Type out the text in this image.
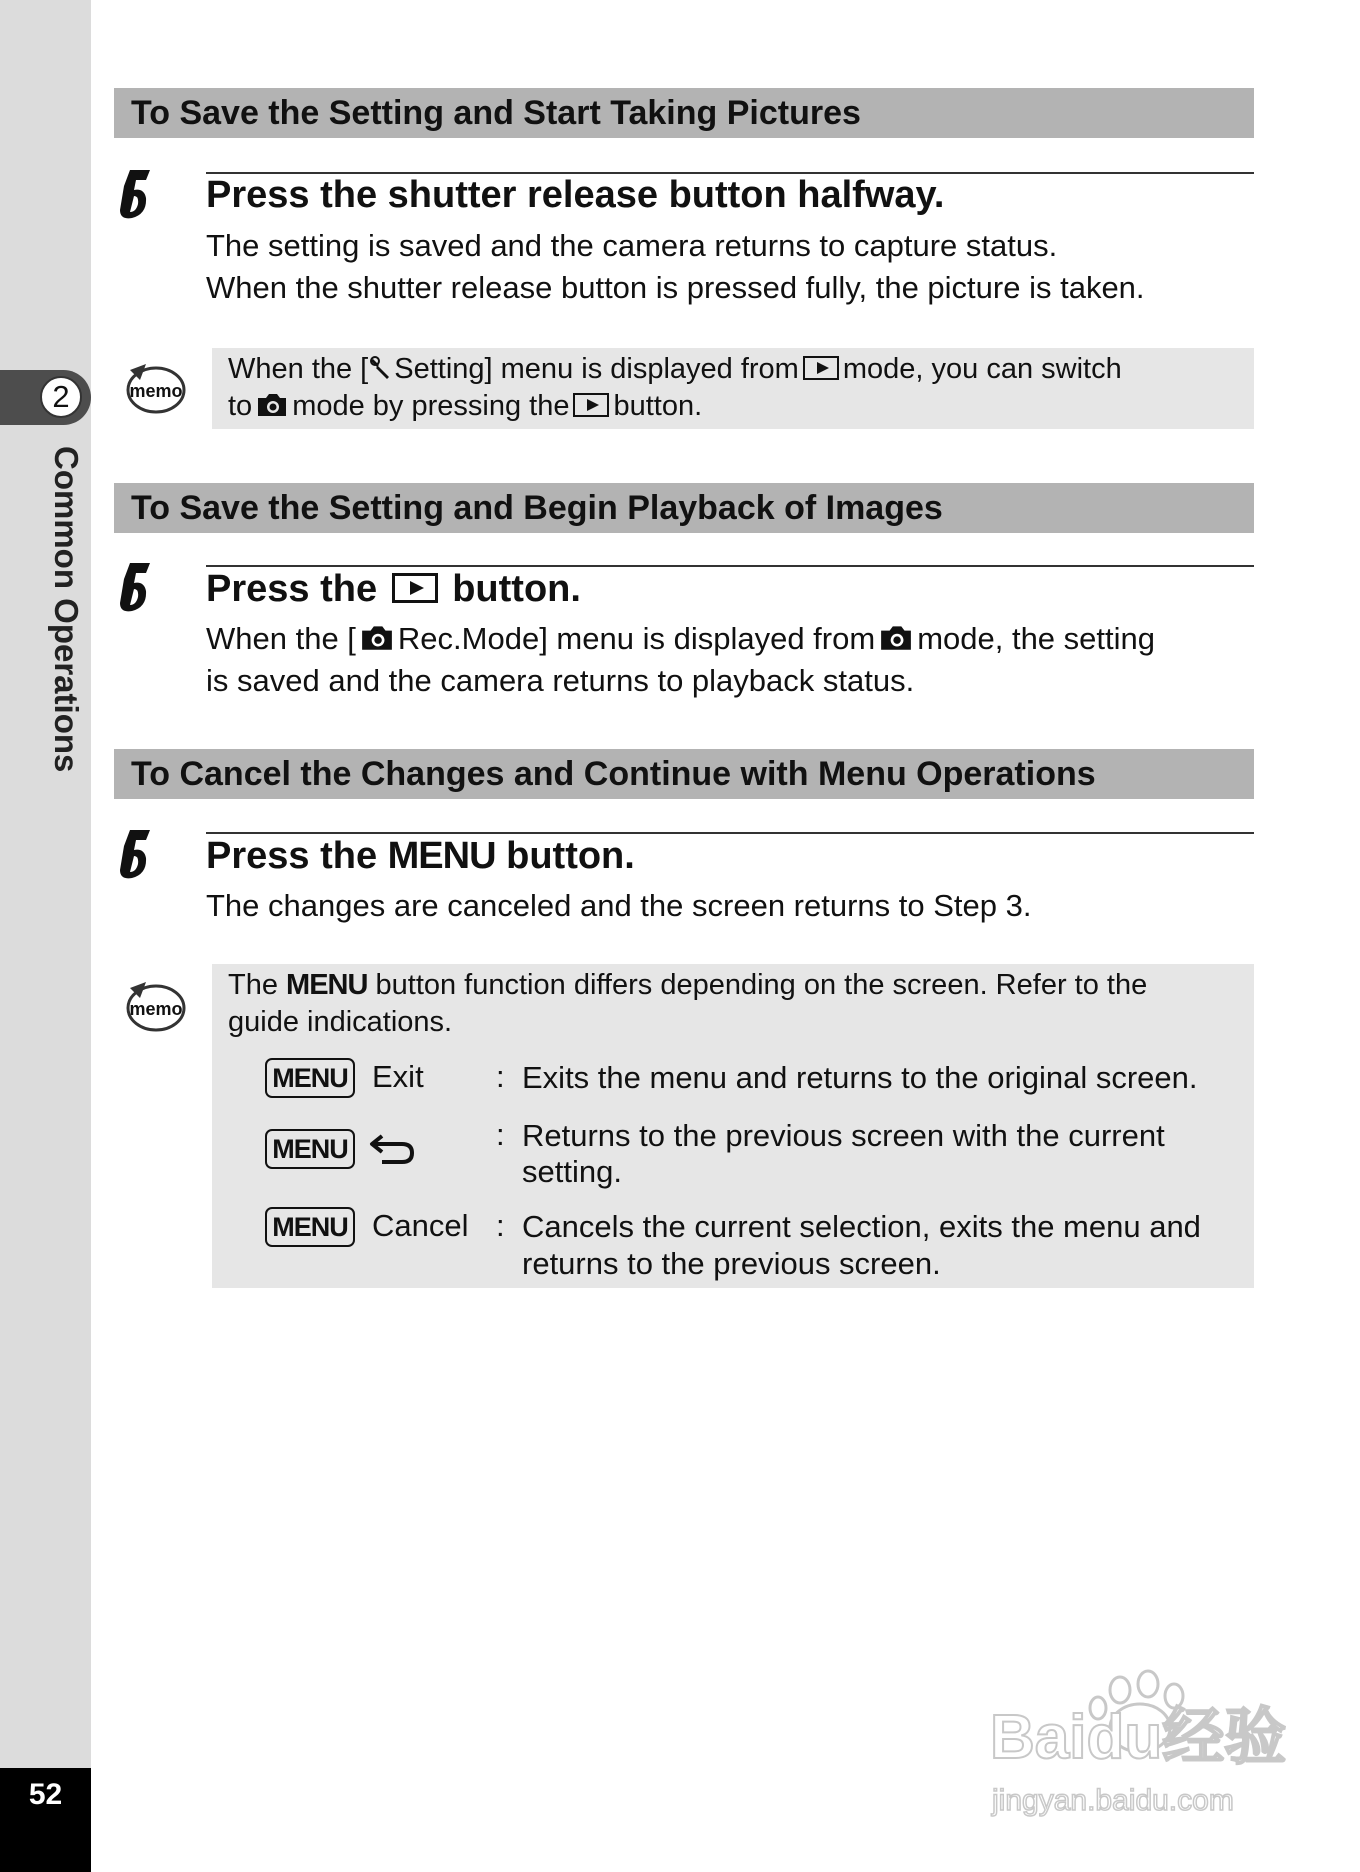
2
Common Operations
52
To Save the Setting and Start Taking Pictures
Press the shutter release button halfway.
The setting is saved and the camera returns to capture status.
When the shutter release button is pressed fully, the picture is taken.
memo
When the [ Setting] menu is displayed from mode, you can switch
to mode by pressing the button.
To Save the Setting and Begin Playback of Images
Press the button.
When the [ Rec.Mode] menu is displayed from mode, the setting
is saved and the camera returns to playback status.
To Cancel the Changes and Continue with Menu Operations
Press the MENU button.
The changes are canceled and the screen returns to Step 3.
memo
The MENU button function differs depending on the screen. Refer to the
guide indications.
MENU Exit : Exits the menu and returns to the original screen.
MENU	: Returns to the previous screen with the current
setting.
MENU Cancel : Cancels the current selection, exits the menu and
returns to the previous screen.
Baidu经验
jingyan.baidu.com
